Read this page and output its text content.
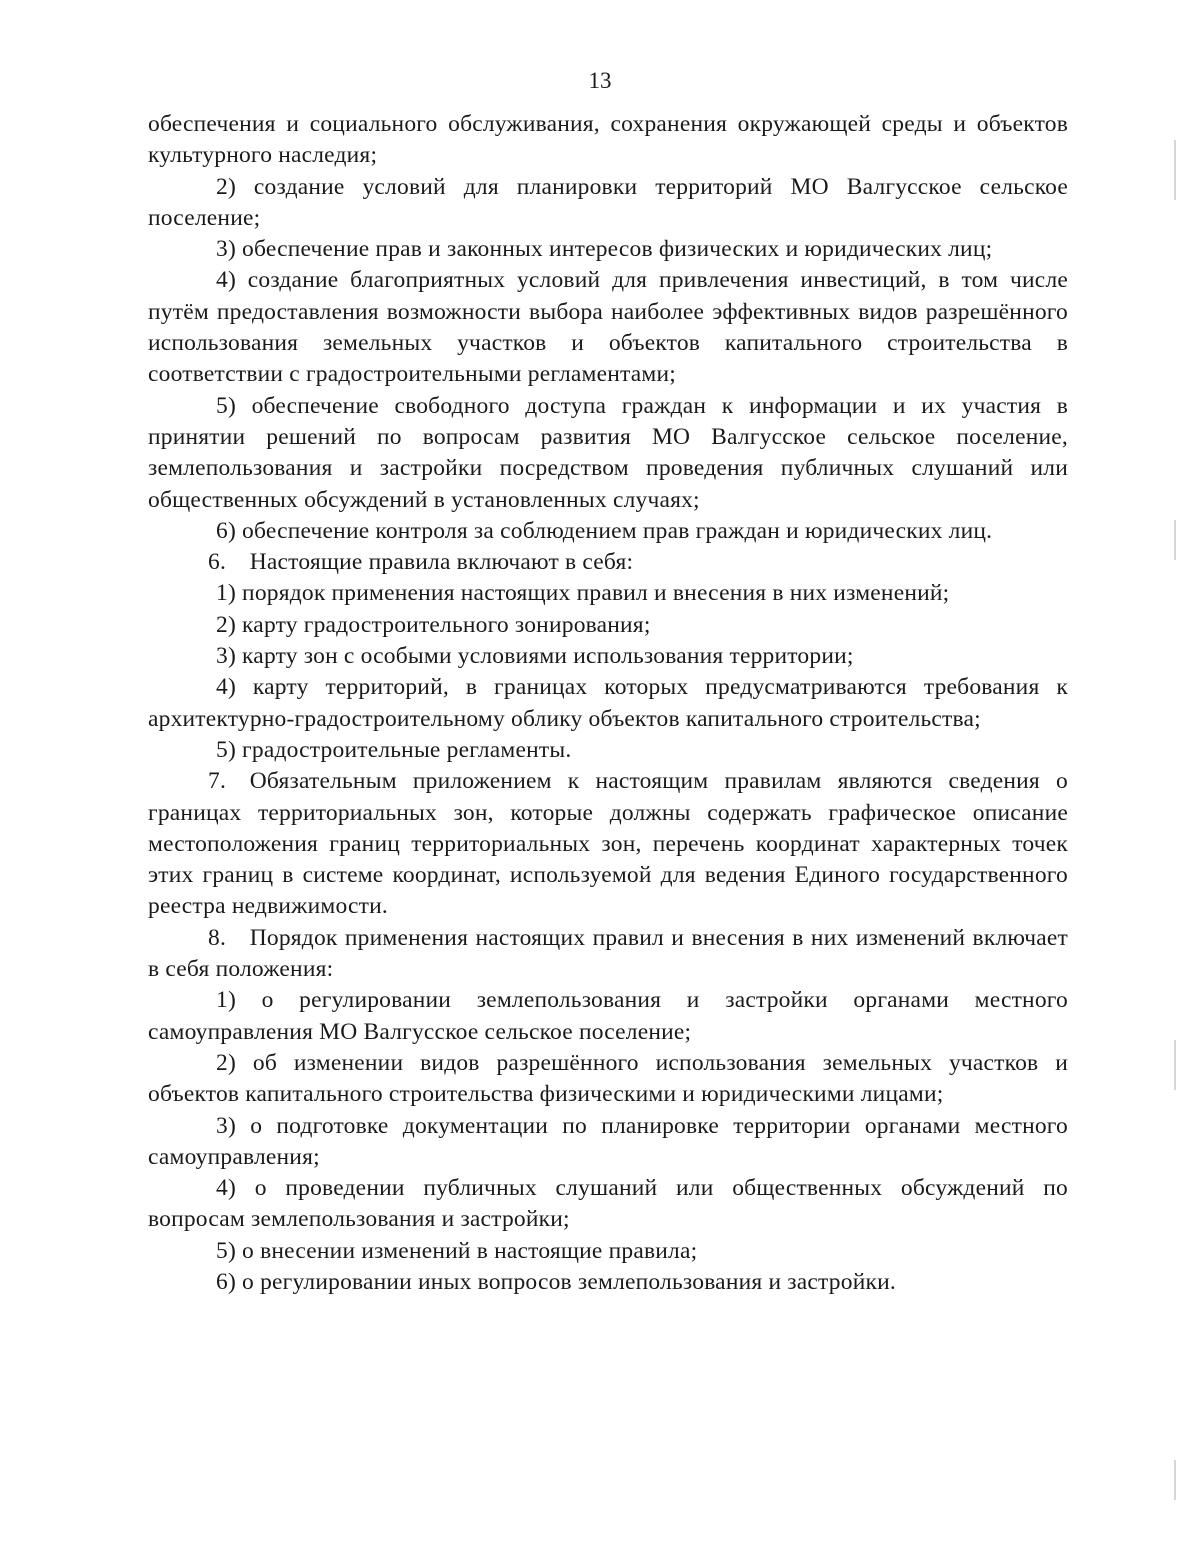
13

обеспечения и социального обслуживания, сохранения окружающей среды и объектов культурного наследия;

2) создание условий для планировки территорий МО Валгусское сельское поселение;

3) обеспечение прав и законных интересов физических и юридических лиц;

4) создание благоприятных условий для привлечения инвестиций, в том числе путём предоставления возможности выбора наиболее эффективных видов разрешённого использования земельных участков и объектов капитального строительства в соответствии с градостроительными регламентами;

5) обеспечение свободного доступа граждан к информации и их участия в принятии решений по вопросам развития МО Валгусское сельское поселение, землепользования и застройки посредством проведения публичных слушаний или общественных обсуждений в установленных случаях;

6) обеспечение контроля за соблюдением прав граждан и юридических лиц.

6. Настоящие правила включают в себя:

1) порядок применения настоящих правил и внесения в них изменений;

2) карту градостроительного зонирования;

3) карту зон с особыми условиями использования территории;

4) карту территорий, в границах которых предусматриваются требования к архитектурно-градостроительному облику объектов капитального строительства;

5) градостроительные регламенты.

7. Обязательным приложением к настоящим правилам являются сведения о границах территориальных зон, которые должны содержать графическое описание местоположения границ территориальных зон, перечень координат характерных точек этих границ в системе координат, используемой для ведения Единого государственного реестра недвижимости.

8. Порядок применения настоящих правил и внесения в них изменений включает в себя положения:

1) о регулировании землепользования и застройки органами местного самоуправления МО Валгусское сельское поселение;

2) об изменении видов разрешённого использования земельных участков и объектов капитального строительства физическими и юридическими лицами;

3) о подготовке документации по планировке территории органами местного самоуправления;

4) о проведении публичных слушаний или общественных обсуждений по вопросам землепользования и застройки;

5) о внесении изменений в настоящие правила;

6) о регулировании иных вопросов землепользования и застройки.
